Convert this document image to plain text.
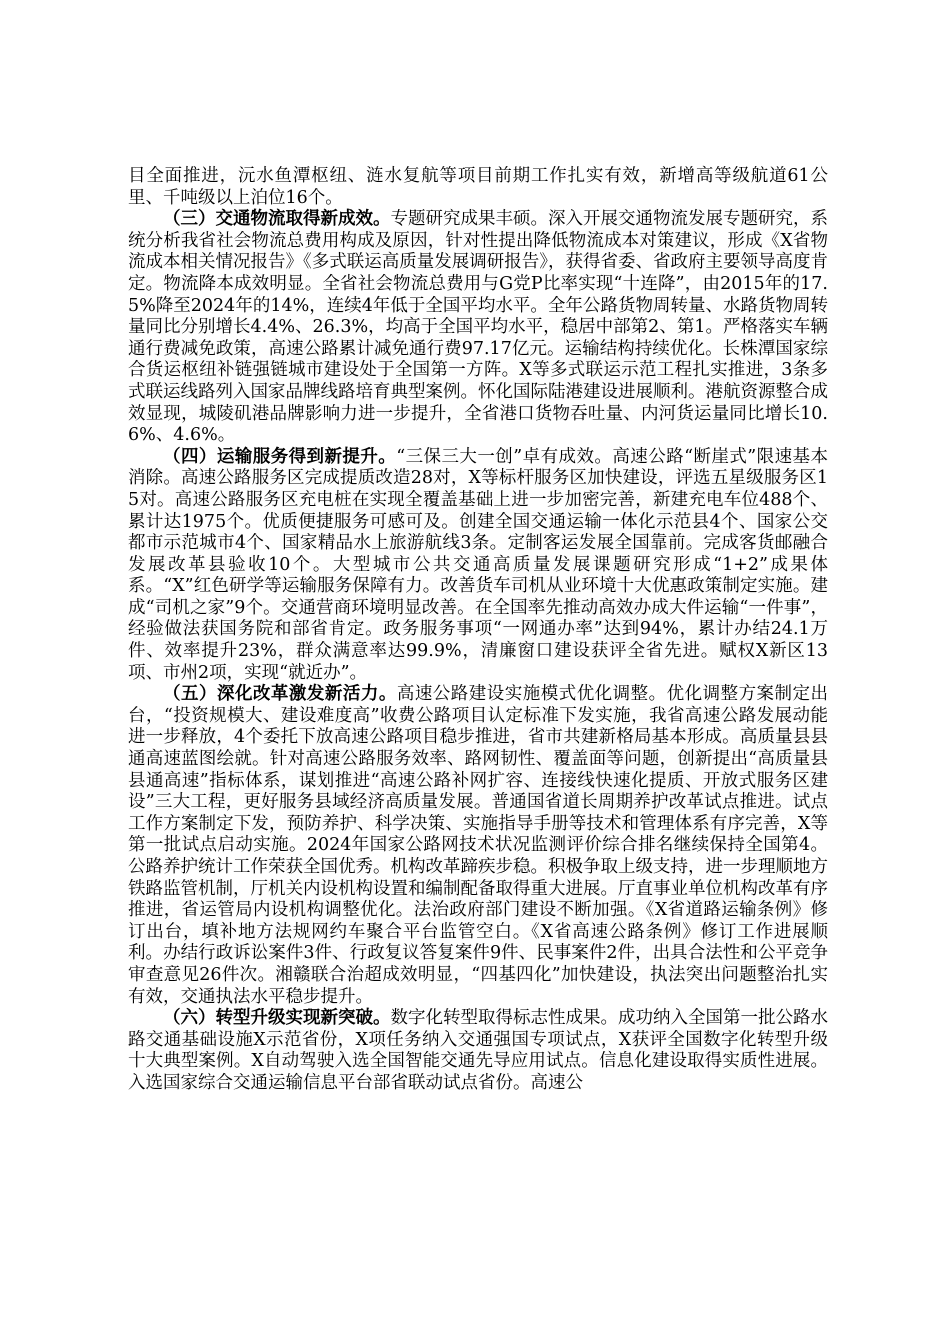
目全面推进，沅水鱼潭枢纽、涟水复航等项目前期工作扎实有效，新增高等级航道61公里、千吨级以上泊位16个。

（三）交通物流取得新成效。专题研究成果丰硕。深入开展交通物流发展专题研究，系统分析我省社会物流总费用构成及原因，针对性提出降低物流成本对策建议，形成《X省物流成本相关情况报告》《多式联运高质量发展调研报告》，获得省委、省政府主要领导高度肯定。物流降本成效明显。全省社会物流总费用与G党P比率实现“十连降”，由2015年的17.5%降至2024年的14%，连续4年低于全国平均水平。全年公路货物周转量、水路货物周转量同比分别增长4.4%、26.3%，均高于全国平均水平，稳居中部第2、第1。严格落实车辆通行费减免政策，高速公路累计减免通行费97.17亿元。运输结构持续优化。长株潭国家综合货运枢纽补链强链城市建设处于全国第一方阵。X等多式联运示范工程扎实推进，3条多式联运线路列入国家品牌线路培育典型案例。怀化国际陆港建设进展顺利。港航资源整合成效显现，城陵矶港品牌影响力进一步提升，全省港口货物吞吐量、内河货运量同比增长10.6%、4.6%。

（四）运输服务得到新提升。“三保三大一创”卓有成效。高速公路“断崖式”限速基本消除。高速公路服务区完成提质改造28对，X等标杆服务区加快建设，评选五星级服务区15对。高速公路服务区充电桩在实现全覆盖基础上进一步加密完善，新建充电车位488个、累计达1975个。优质便捷服务可感可及。创建全国交通运输一体化示范县4个、国家公交都市示范城市4个、国家精品水上旅游航线3条。定制客运发展全国靠前。完成客货邮融合发展改革县验收10个。大型城市公共交通高质量发展课题研究形成“1+2”成果体系。“X”红色研学等运输服务保障有力。改善货车司机从业环境十大优惠政策制定实施。建成“司机之家”9个。交通营商环境明显改善。在全国率先推动高效办成大件运输“一件事”，经验做法获国务院和部省肯定。政务服务事项“一网通办率”达到94%，累计办结24.1万件、效率提升23%，群众满意率达99.9%，清廉窗口建设获评全省先进。赋权X新区13项、市州2项，实现“就近办”。

（五）深化改革激发新活力。高速公路建设实施模式优化调整。优化调整方案制定出台，“投资规模大、建设难度高”收费公路项目认定标准下发实施，我省高速公路发展动能进一步释放，4个委托下放高速公路项目稳步推进，省市共建新格局基本形成。高质量县县通高速蓝图绘就。针对高速公路服务效率、路网韧性、覆盖面等问题，创新提出“高质量县县通高速”指标体系，谋划推进“高速公路补网扩容、连接线快速化提质、开放式服务区建设”三大工程，更好服务县域经济高质量发展。普通国省道长周期养护改革试点推进。试点工作方案制定下发，预防养护、科学决策、实施指导手册等技术和管理体系有序完善，X等第一批试点启动实施。2024年国家公路网技术状况监测评价综合排名继续保持全国第4。公路养护统计工作荣获全国优秀。机构改革蹄疾步稳。积极争取上级支持，进一步理顺地方铁路监管机制，厅机关内设机构设置和编制配备取得重大进展。厅直事业单位机构改革有序推进，省运管局内设机构调整优化。法治政府部门建设不断加强。《X省道路运输条例》修订出台，填补地方法规网约车聚合平台监管空白。《X省高速公路条例》修订工作进展顺利。办结行政诉讼案件3件、行政复议答复案件9件、民事案件2件，出具合法性和公平竞争审查意见26件次。湘赣联合治超成效明显，“四基四化”加快建设，执法突出问题整治扎实有效，交通执法水平稳步提升。

（六）转型升级实现新突破。数字化转型取得标志性成果。成功纳入全国第一批公路水路交通基础设施X示范省份，X项任务纳入交通强国专项试点，X获评全国数字化转型升级十大典型案例。X自动驾驶入选全国智能交通先导应用试点。信息化建设取得实质性进展。入选国家综合交通运输信息平台部省联动试点省份。高速公
